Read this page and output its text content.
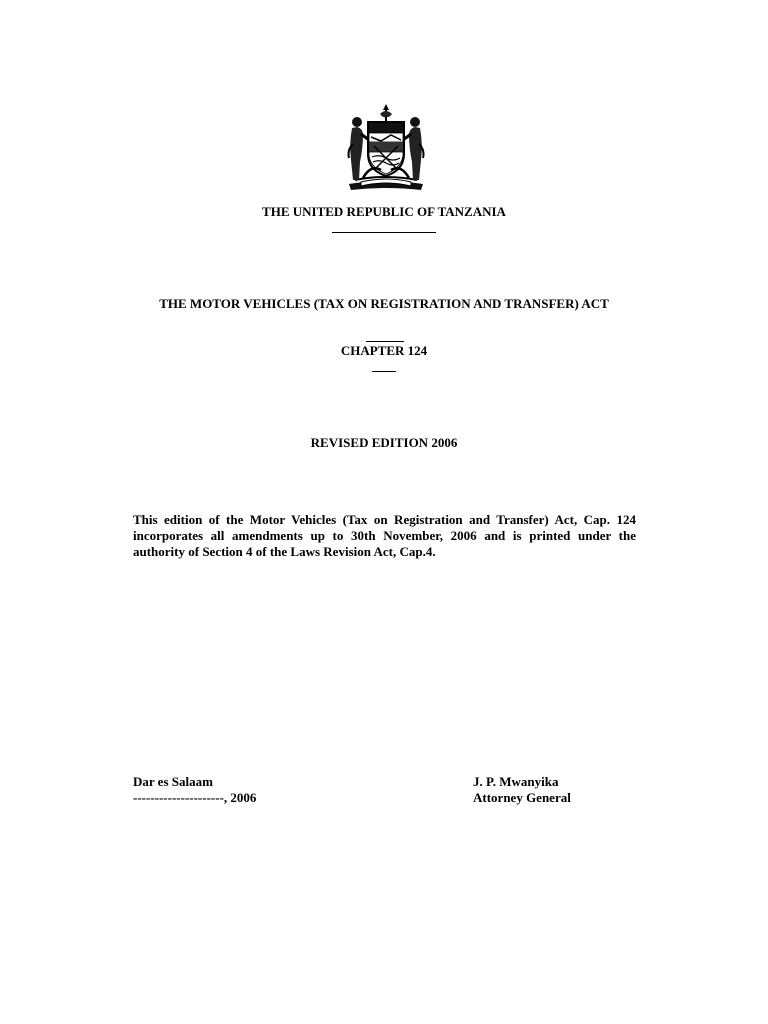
THE UNITED REPUBLIC OF TANZANIA
THE MOTOR VEHICLES (TAX ON REGISTRATION AND TRANSFER) ACT
CHAPTER 124
REVISED EDITION 2006
This edition of the Motor Vehicles (Tax on Registration and Transfer) Act, Cap. 124 incorporates all amendments up to 30th November, 2006 and is printed under the authority of Section 4 of the Laws Revision Act, Cap.4.
Dar es Salaam
---------------------, 2006
J. P. Mwanyika
Attorney General
